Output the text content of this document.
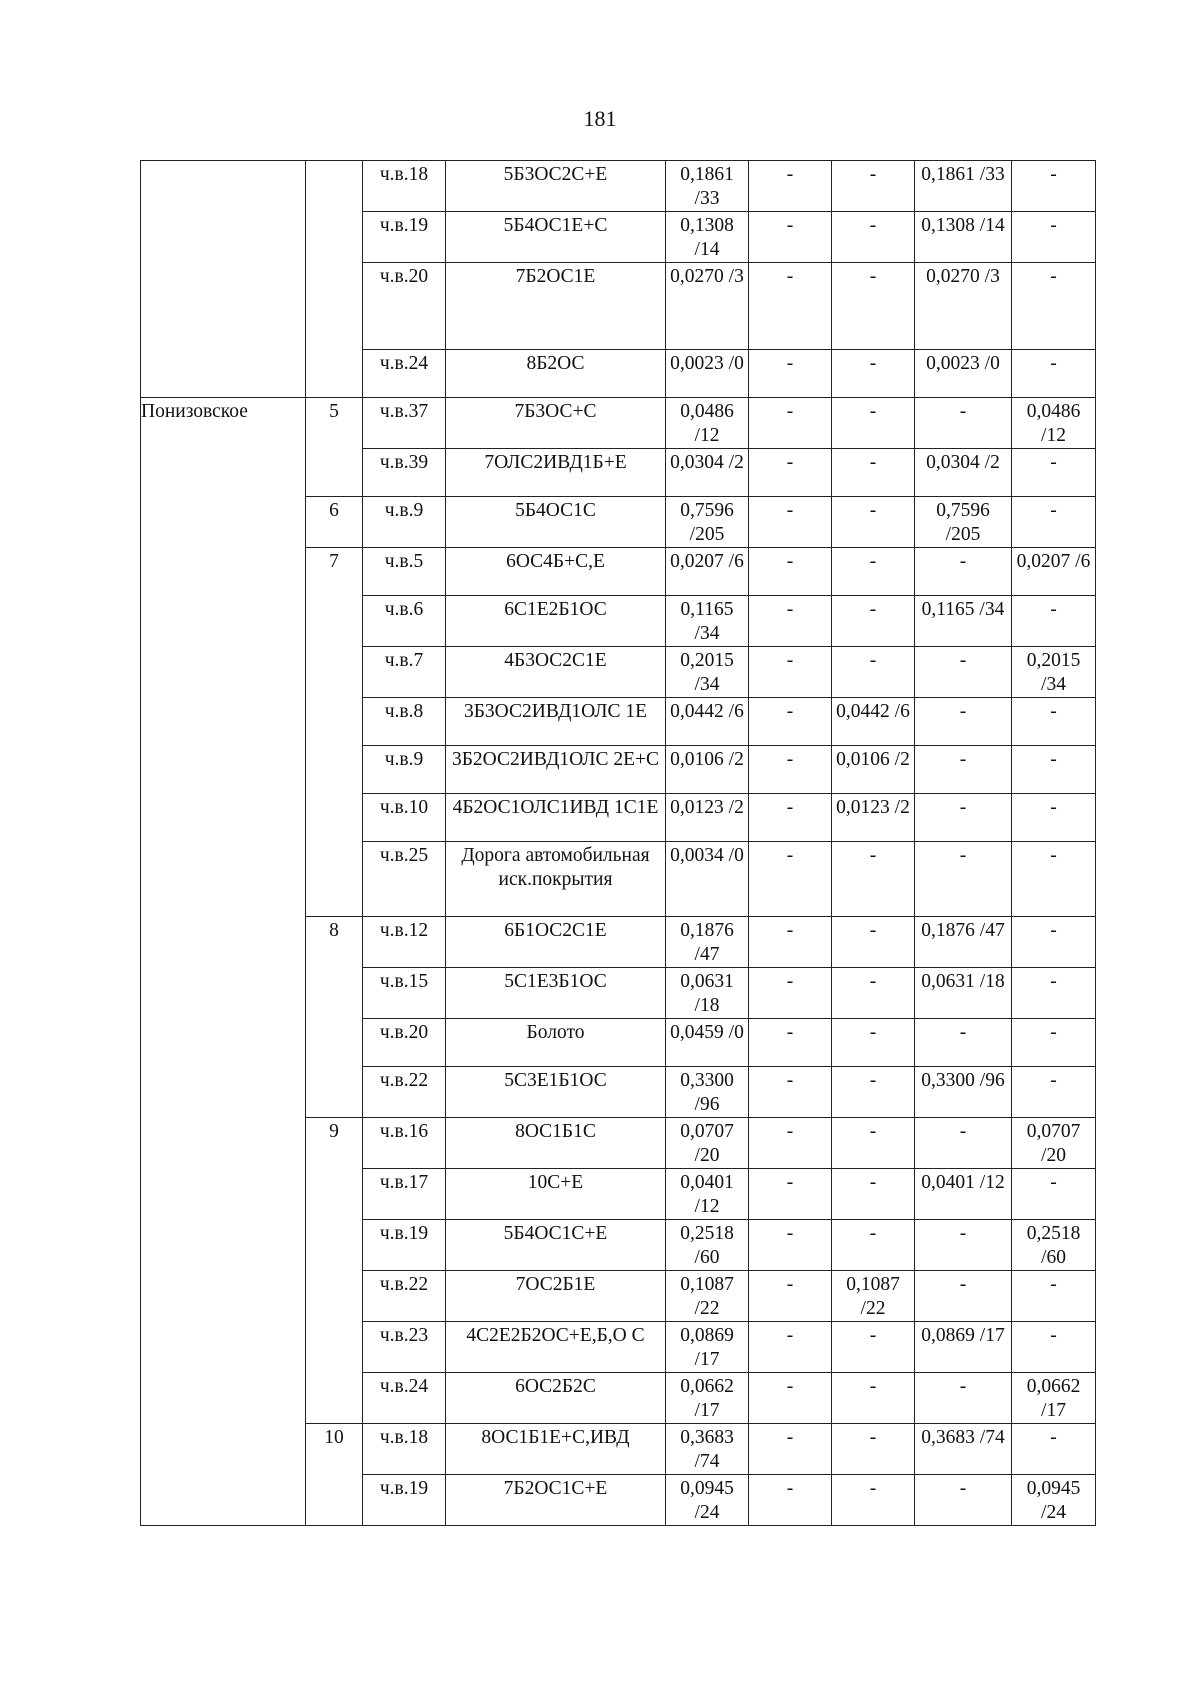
181
		ч.в.18	5Б3ОС2С+Е	0,1861 /33	-	-	0,1861 /33	-
		ч.в.19	5Б4ОС1Е+С	0,1308 /14	-	-	0,1308 /14	-
		ч.в.20	7Б2ОС1Е	0,0270 /3	-	-	0,0270 /3	-
		ч.в.24	8Б2ОС	0,0023 /0	-	-	0,0023 /0	-
Понизовское	5	ч.в.37	7Б3ОС+С	0,0486 /12	-	-	-	0,0486 /12
		ч.в.39	7ОЛС2ИВД1Б+Е	0,0304 /2	-	-	0,0304 /2	-
	6	ч.в.9	5Б4ОС1С	0,7596 /205	-	-	0,7596 /205	-
	7	ч.в.5	6ОС4Б+С,Е	0,0207 /6	-	-	-	0,0207 /6
		ч.в.6	6С1Е2Б1ОС	0,1165 /34	-	-	0,1165 /34	-
		ч.в.7	4Б3ОС2С1Е	0,2015 /34	-	-	-	0,2015 /34
		ч.в.8	3Б3ОС2ИВД1ОЛС 1Е	0,0442 /6	-	0,0442 /6	-	-
		ч.в.9	3Б2ОС2ИВД1ОЛС 2Е+С	0,0106 /2	-	0,0106 /2	-	-
		ч.в.10	4Б2ОС1ОЛС1ИВД 1С1Е	0,0123 /2	-	0,0123 /2	-	-
		ч.в.25	Дорога автомобильная иск.покрытия	0,0034 /0	-	-	-	-
	8	ч.в.12	6Б1ОС2С1Е	0,1876 /47	-	-	0,1876 /47	-
		ч.в.15	5С1Е3Б1ОС	0,0631 /18	-	-	0,0631 /18	-
		ч.в.20	Болото	0,0459 /0	-	-	-	-
		ч.в.22	5С3Е1Б1ОС	0,3300 /96	-	-	0,3300 /96	-
	9	ч.в.16	8ОС1Б1С	0,0707 /20	-	-	-	0,0707 /20
		ч.в.17	10С+Е	0,0401 /12	-	-	0,0401 /12	-
		ч.в.19	5Б4ОС1С+Е	0,2518 /60	-	-	-	0,2518 /60
		ч.в.22	7ОС2Б1Е	0,1087 /22	-	0,1087 /22	-	-
		ч.в.23	4С2Е2Б2ОС+Е,Б,О С	0,0869 /17	-	-	0,0869 /17	-
		ч.в.24	6ОС2Б2С	0,0662 /17	-	-	-	0,0662 /17
	10	ч.в.18	8ОС1Б1Е+С,ИВД	0,3683 /74	-	-	0,3683 /74	-
		ч.в.19	7Б2ОС1С+Е	0,0945 /24	-	-	-	0,0945 /24
